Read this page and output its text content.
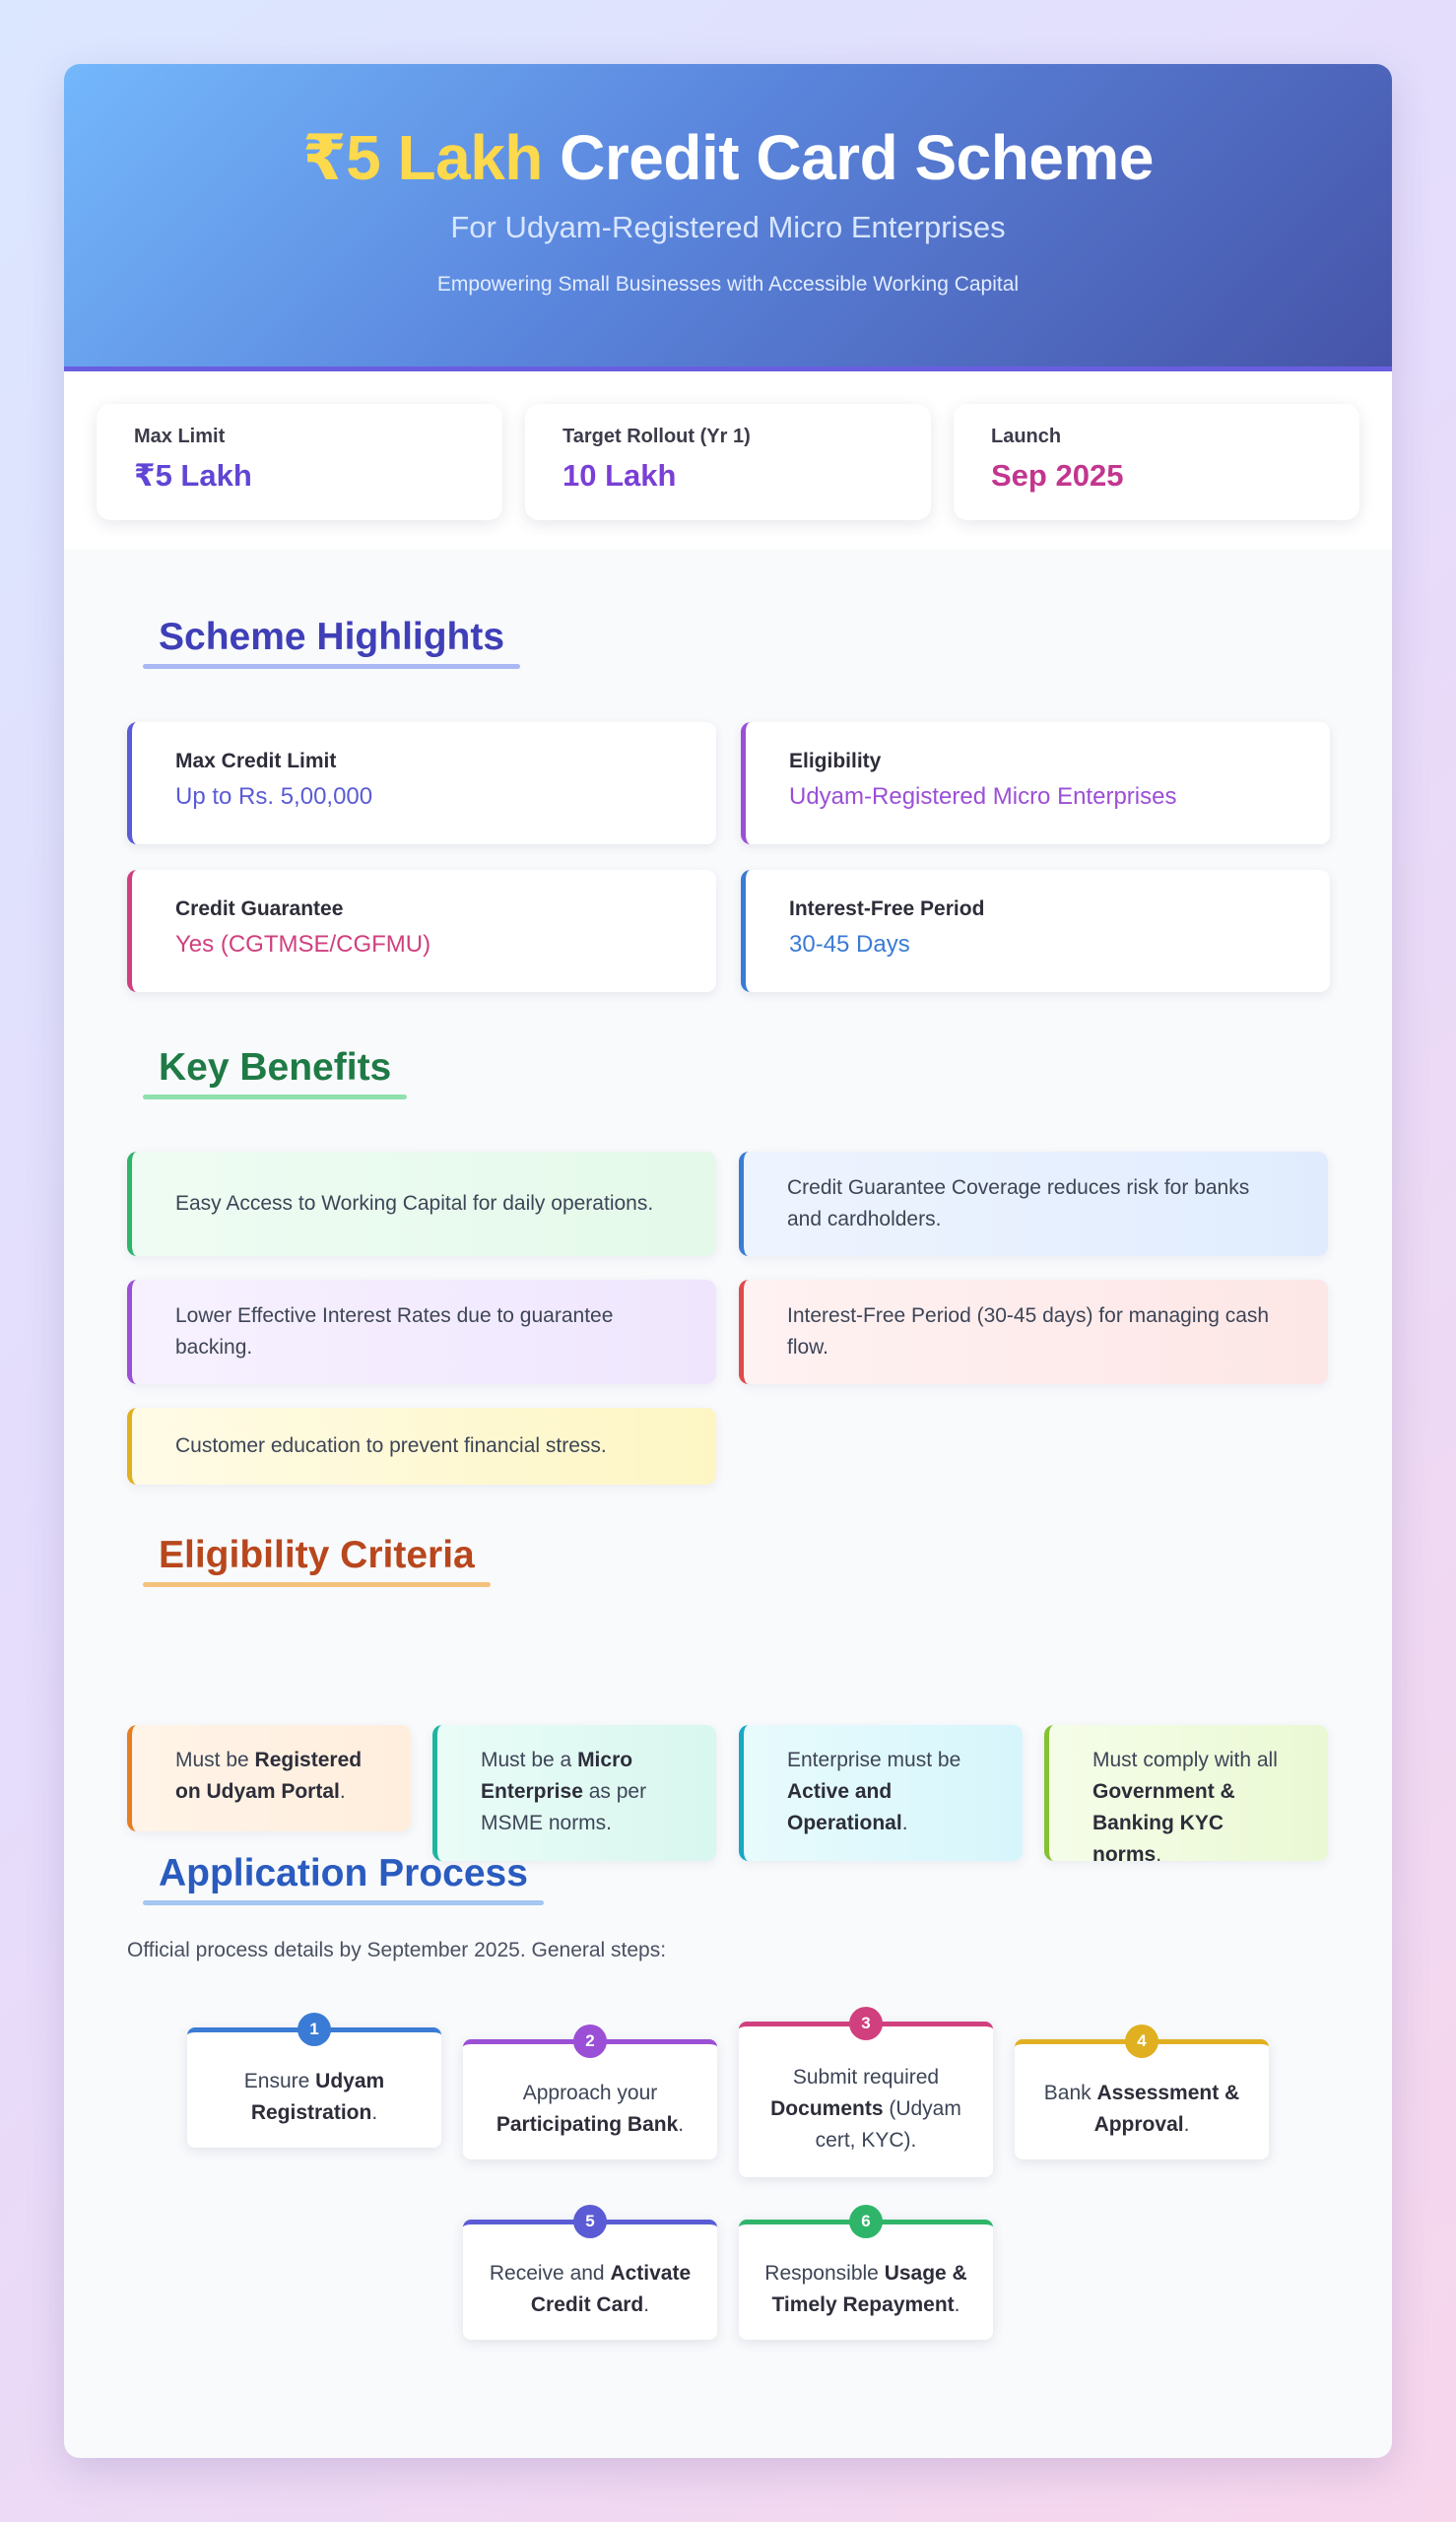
₹5 Lakh Credit Card Scheme
For Udyam-Registered Micro Enterprises
Empowering Small Businesses with Accessible Working Capital
Max Limit
₹5 Lakh
Target Rollout (Yr 1)
10 Lakh
Launch
Sep 2025
Scheme Highlights
Max Credit Limit
Up to Rs. 5,00,000
Eligibility
Udyam-Registered Micro Enterprises
Credit Guarantee
Yes (CGTMSE/CGFMU)
Interest-Free Period
30-45 Days
Key Benefits
Easy Access to Working Capital for daily operations.
Credit Guarantee Coverage reduces risk for banks and cardholders.
Lower Effective Interest Rates due to guarantee backing.
Interest-Free Period (30-45 days) for managing cash flow.
Customer education to prevent financial stress.
Eligibility Criteria
Must be Registered on Udyam Portal.
Must be a Micro Enterprise as per MSME norms.
Enterprise must be Active and Operational.
Must comply with all Government & Banking KYC norms.
Application Process
Official process details by September 2025. General steps:
1
Ensure Udyam Registration.
2
Approach your Participating Bank.
3
Submit required Documents (Udyam cert, KYC).
4
Bank Assessment & Approval.
5
Receive and Activate Credit Card.
6
Responsible Usage & Timely Repayment.
